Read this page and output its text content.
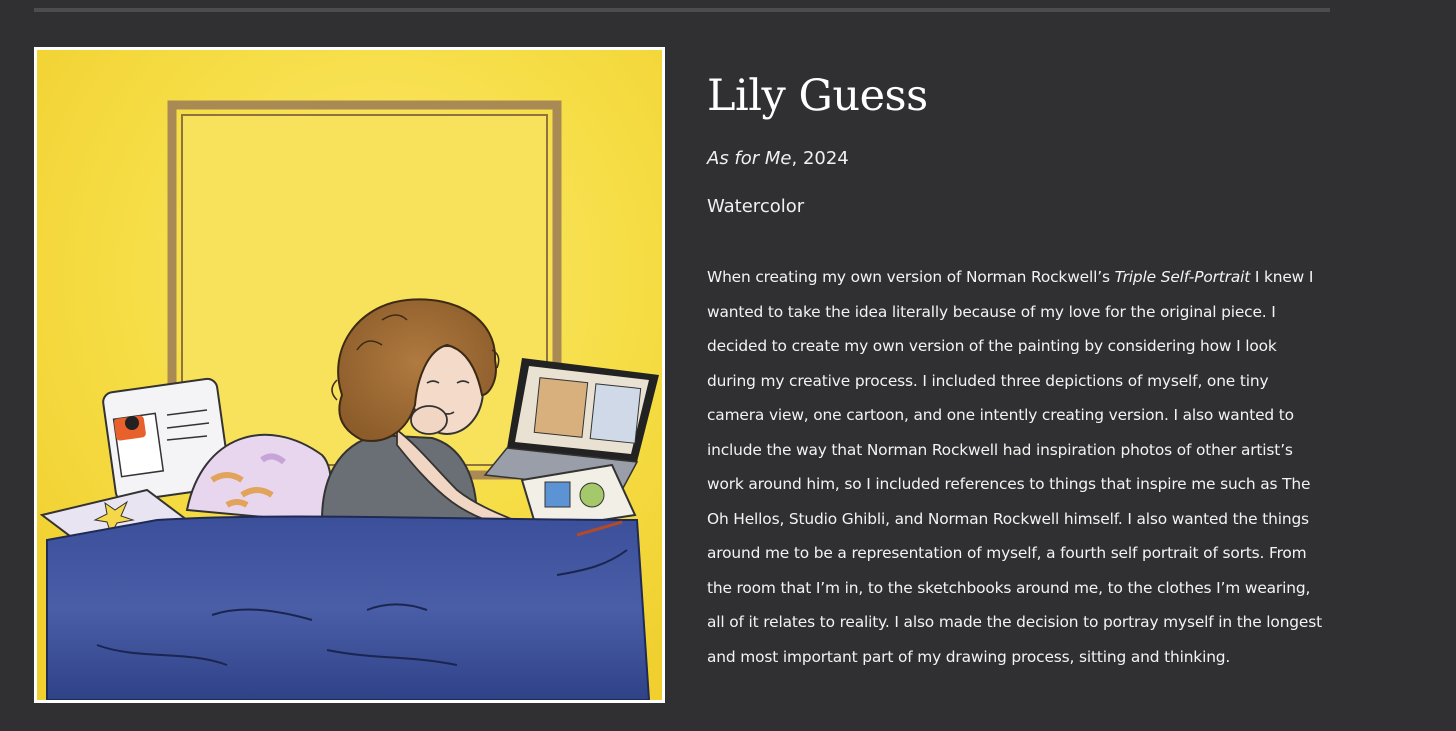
Lily Guess
As for Me, 2024
Watercolor

When creating my own version of Norman Rockwell’s Triple Self-Portrait I knew I wanted to take the idea literally because of my love for the original piece. I decided to create my own version of the painting by considering how I look during my creative process. I included three depictions of myself, one tiny camera view, one cartoon, and one intently creating version. I also wanted to include the way that Norman Rockwell had inspiration photos of other artist’s work around him, so I included references to things that inspire me such as The Oh Hellos, Studio Ghibli, and Norman Rockwell himself. I also wanted the things around me to be a representation of myself, a fourth self portrait of sorts. From the room that I’m in, to the sketchbooks around me, to the clothes I’m wearing, all of it relates to reality. I also made the decision to portray myself in the longest and most important part of my drawing process, sitting and thinking.
